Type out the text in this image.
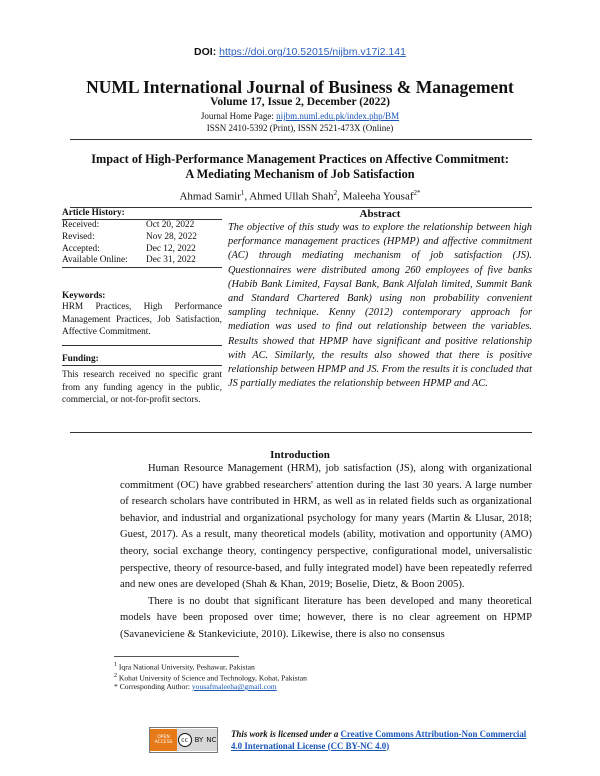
DOI: https://doi.org/10.52015/nijbm.v17i2.141
NUML International Journal of Business & Management
Volume 17, Issue 2, December (2022)
Journal Home Page: nijbm.numl.edu.pk/index.php/BM
ISSN 2410-5392 (Print), ISSN 2521-473X (Online)
Impact of High-Performance Management Practices on Affective Commitment: A Mediating Mechanism of Job Satisfaction
Ahmad Samir$^1$, Ahmed Ullah Shah$^2$, Maleeha Yousaf$^{2*}$
Article History:
Received:	Oct 20, 2022
Revised:	Nov 28, 2022
Accepted:	Dec 12, 2022
Available Online:	Dec 31, 2022
Keywords:
HRM Practices, High Performance Management Practices, Job Satisfaction, Affective Commitment.
Funding:
This research received no specific grant from any funding agency in the public, commercial, or not-for-profit sectors.
Abstract

The objective of this study was to explore the relationship between high performance management practices (HPMP) and affective commitment (AC) through mediating mechanism of job satisfaction (JS). Questionnaires were distributed among 260 employees of five banks (Habib Bank Limited, Faysal Bank, Bank Alfalah limited, Summit Bank and Standard Chartered Bank) using non probability convenient sampling technique. Kenny (2012) contemporary approach for mediation was used to find out relationship between the variables. Results showed that HPMP have significant and positive relationship with AC. Similarly, the results also showed that there is positive relationship between HPMP and JS. From the results it is concluded that JS partially mediates the relationship between HPMP and AC.

Introduction

Human Resource Management (HRM), job satisfaction (JS), along with organizational commitment (OC) have grabbed researchers' attention during the last 30 years. A large number of research scholars have contributed in HRM, as well as in related fields such as organizational behavior, and industrial and organizational psychology for many years (Martin & Llusar, 2018; Guest, 2017). As a result, many theoretical models (ability, motivation and opportunity (AMO) theory, social exchange theory, contingency perspective, configurational model, universalistic perspective, theory of resource-based, and fully integrated model) have been repeatedly referred and new ones are developed (Shah & Khan, 2019; Boselie, Dietz, & Boon 2005).

There is no doubt that significant literature has been developed and many theoretical models have been proposed over time; however, there is no clear agreement on HPMP (Savaneviciene & Stankeviciute, 2010). Likewise, there is also no consensus

$^1$ Iqra National University, Peshawar, Pakistan
$^2$ Kohat University of Science and Technology, Kohat, Pakistan
* Corresponding Author: yousafmaleeha@gmail.com
OPEN ACCESS	cc BY NC
This work is licensed under a Creative Commons Attribution-Non Commercial 4.0 International License (CC BY-NC 4.0)
